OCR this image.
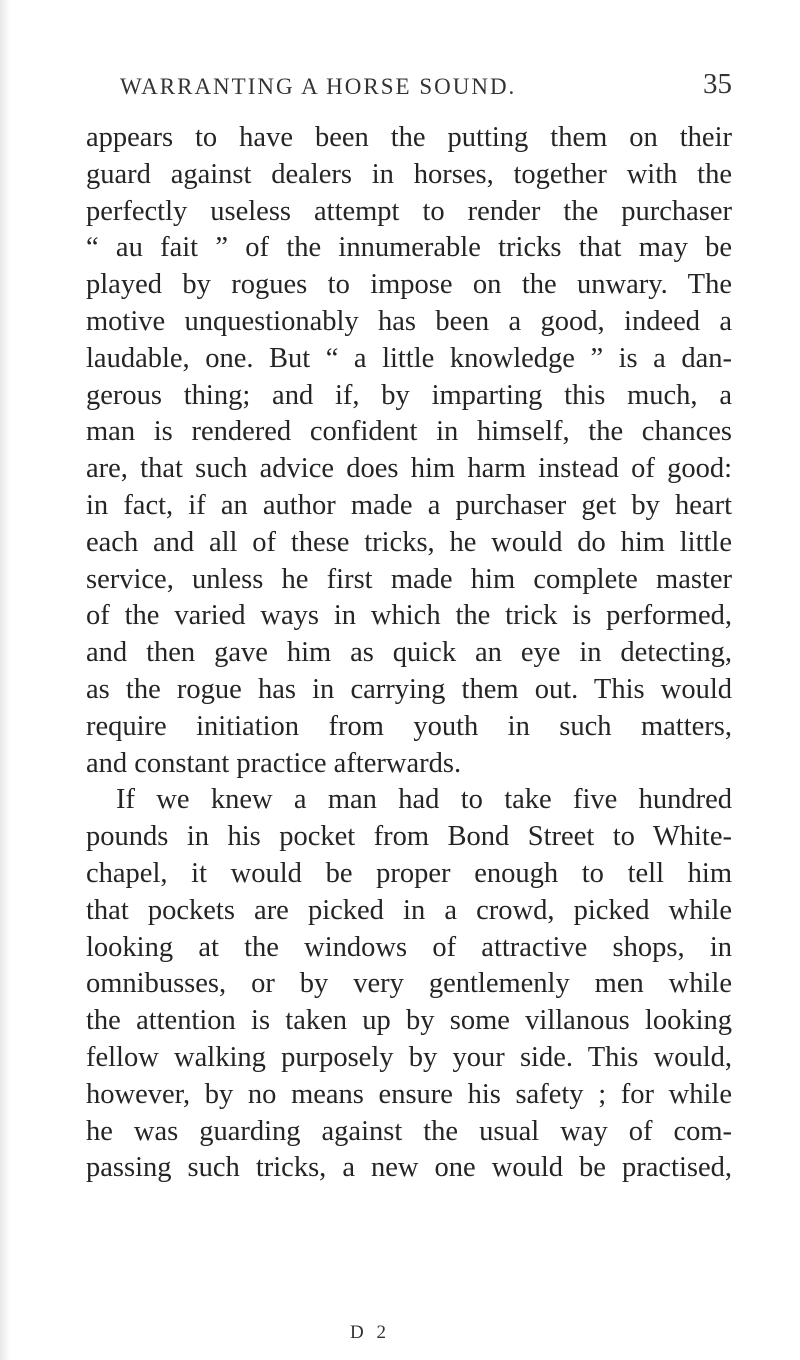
WARRANTING A HORSE SOUND.	35
appears to have been the putting them on their
guard against dealers in horses, together with the
perfectly useless attempt to render the purchaser
“ au fait ” of the innumerable tricks that may be
played by rogues to impose on the unwary. The
motive unquestionably has been a good, indeed a
laudable, one. But “ a little knowledge ” is a dan-
gerous thing; and if, by imparting this much, a
man is rendered confident in himself, the chances
are, that such advice does him harm instead of good:
in fact, if an author made a purchaser get by heart
each and all of these tricks, he would do him little
service, unless he first made him complete master
of the varied ways in which the trick is performed,
and then gave him as quick an eye in detecting,
as the rogue has in carrying them out. This would
require initiation from youth in such matters,
and constant practice afterwards.
If we knew a man had to take five hundred
pounds in his pocket from Bond Street to White-
chapel, it would be proper enough to tell him
that pockets are picked in a crowd, picked while
looking at the windows of attractive shops, in
omnibusses, or by very gentlemenly men while
the attention is taken up by some villanous looking
fellow walking purposely by your side. This would,
however, by no means ensure his safety ; for while
he was guarding against the usual way of com-
passing such tricks, a new one would be practised,
D 2
